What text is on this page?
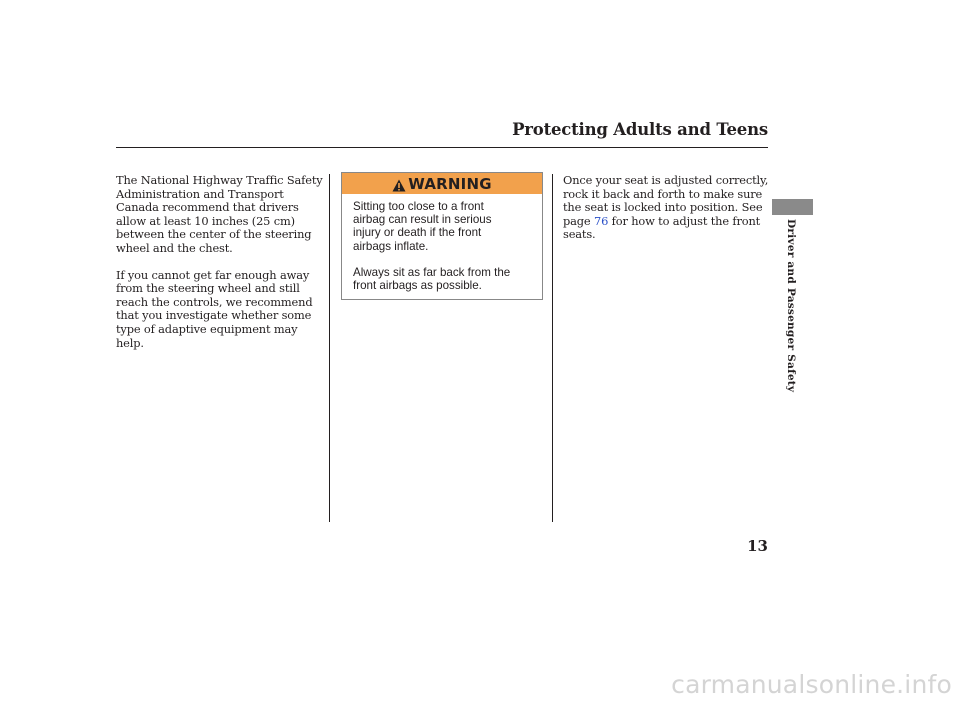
Protecting Adults and Teens

The National Highway Traffic Safety
Administration and Transport
Canada recommend that drivers
allow at least 10 inches (25 cm)
between the center of the steering
wheel and the chest.

If you cannot get far enough away
from the steering wheel and still
reach the controls, we recommend
that you investigate whether some
type of adaptive equipment may help.

WARNING

Sitting too close to a front
airbag can result in serious
injury or death if the front
airbags inflate.

Always sit as far back from the
front airbags as possible.

Once your seat is adjusted correctly,
rock it back and forth to make sure
the seat is locked into position. See
page 76 for how to adjust the front
seats.	Driver and Passenger Safety
13
carmanualsonline.info
